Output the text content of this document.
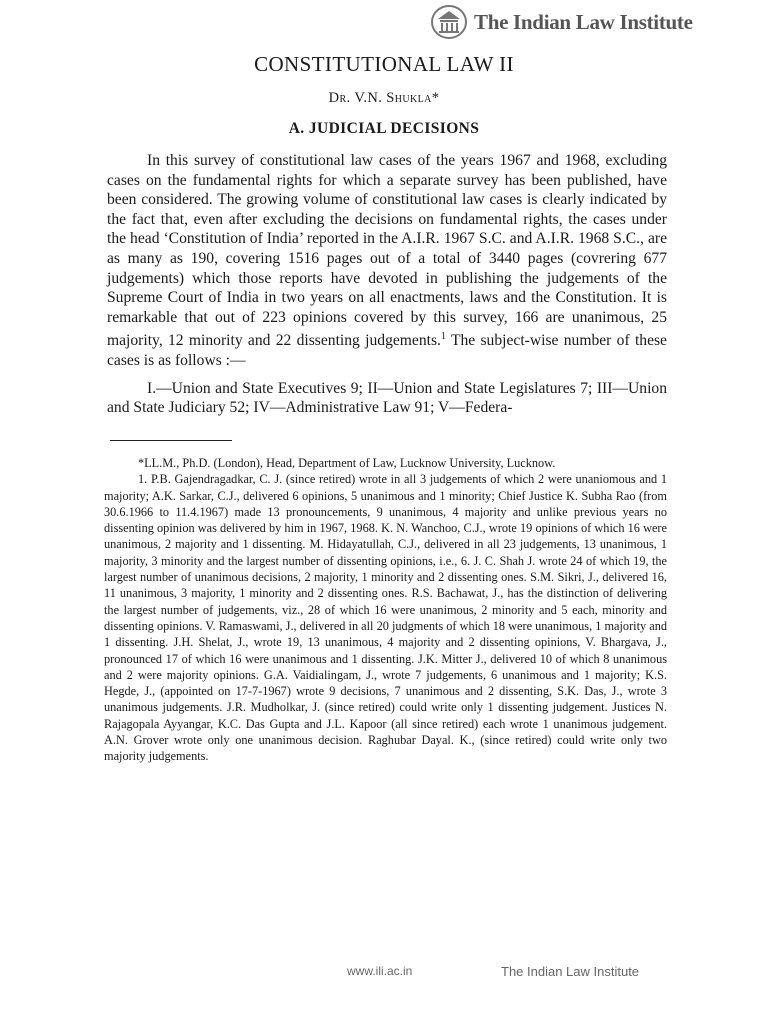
The Indian Law Institute
CONSTITUTIONAL LAW II
Dr. V.N. Shukla*
A. JUDICIAL DECISIONS

In this survey of constitutional law cases of the years 1967 and 1968, excluding cases on the fundamental rights for which a separate survey has been published, have been considered. The growing volume of constitutional law cases is clearly indicated by the fact that, even after excluding the decisions on fundamental rights, the cases under the head ‘Constitution of India’ reported in the A.I.R. 1967 S.C. and A.I.R. 1968 S.C., are as many as 190, covering 1516 pages out of a total of 3440 pages (covrering 677 judgements) which those reports have devoted in publishing the judgements of the Supreme Court of India in two years on all enactments, laws and the Constitution. It is remarkable that out of 223 opinions covered by this survey, 166 are unanimous, 25 majority, 12 minority and 22 dissenting judgements.$^1$ The subject-wise number of these cases is as follows :—

I.—Union and State Executives 9; II—Union and State Legislatures 7; III—Union and State Judiciary 52; IV—Administrative Law 91; V—Federa-

*LL.M., Ph.D. (London), Head, Department of Law, Lucknow University, Lucknow.

1. P.B. Gajendragadkar, C. J. (since retired) wrote in all 3 judgements of which 2 were unaniomous and 1 majority; A.K. Sarkar, C.J., delivered 6 opinions, 5 unanimous and 1 minority; Chief Justice K. Subha Rao (from 30.6.1966 to 11.4.1967) made 13 pronouncements, 9 unanimous, 4 majority and unlike previous years no dissenting opinion was delivered by him in 1967, 1968. K. N. Wanchoo, C.J., wrote 19 opinions of which 16 were unanimous, 2 majority and 1 dissenting. M. Hidayatullah, C.J., delivered in all 23 judgements, 13 unanimous, 1 majority, 3 minority and the largest number of dissenting opinions, i.e., 6. J. C. Shah J. wrote 24 of which 19, the largest number of unanimous decisions, 2 majority, 1 minority and 2 dissenting ones. S.M. Sikri, J., delivered 16, 11 unanimous, 3 majority, 1 minority and 2 dissenting ones. R.S. Bachawat, J., has the distinction of delivering the largest number of judgements, viz., 28 of which 16 were unanimous, 2 minority and 5 each, minority and dissenting opinions. V. Ramaswami, J., delivered in all 20 judgments of which 18 were unanimous, 1 majority and 1 dissenting. J.H. Shelat, J., wrote 19, 13 unanimous, 4 majority and 2 dissenting opinions, V. Bhargava, J., pronounced 17 of which 16 were unanimous and 1 dissenting. J.K. Mitter J., delivered 10 of which 8 unanimous and 2 were majority opinions. G.A. Vaidialingam, J., wrote 7 judgements, 6 unanimous and 1 majority; K.S. Hegde, J., (appointed on 17-7-1967) wrote 9 decisions, 7 unanimous and 2 dissenting, S.K. Das, J., wrote 3 unanimous judgements. J.R. Mudholkar, J. (since retired) could write only 1 dissenting judgement. Justices N. Rajagopala Ayyangar, K.C. Das Gupta and J.L. Kapoor (all since retired) each wrote 1 unanimous judgement. A.N. Grover wrote only one unanimous decision. Raghubar Dayal. K., (since retired) could write only two majority judgements.

www.ili.ac.in	The Indian Law Institute
